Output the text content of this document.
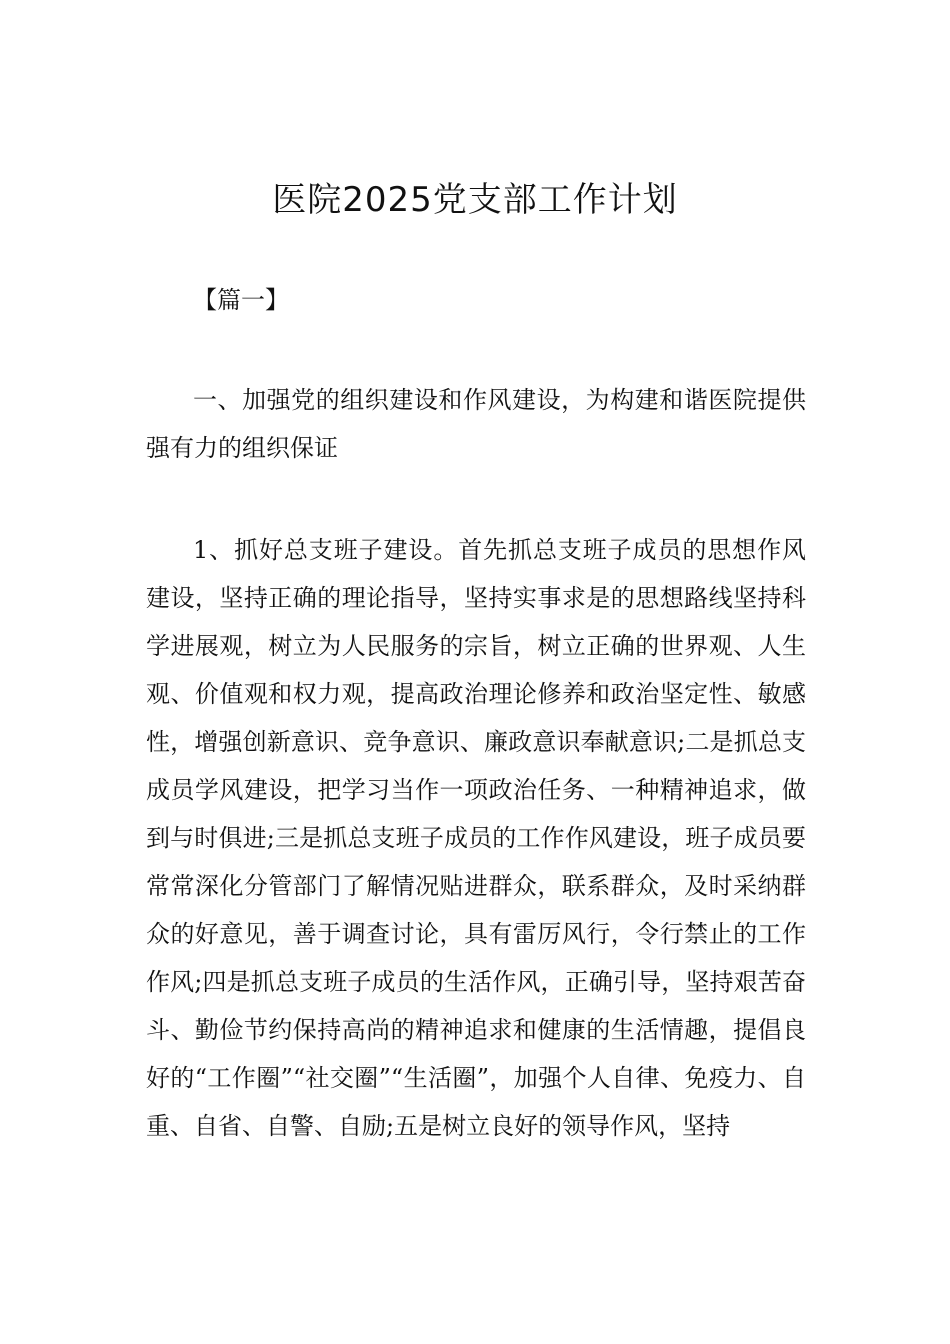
医院2025党支部工作计划
【篇一】

一、加强党的组织建设和作风建设，为构建和谐医院提供强有力的组织保证

1、抓好总支班子建设。首先抓总支班子成员的思想作风建设，坚持正确的理论指导，坚持实事求是的思想路线坚持科学进展观，树立为人民服务的宗旨，树立正确的世界观、人生观、价值观和权力观，提高政治理论修养和政治坚定性、敏感性，增强创新意识、竞争意识、廉政意识奉献意识;二是抓总支成员学风建设，把学习当作一项政治任务、一种精神追求，做到与时俱进;三是抓总支班子成员的工作作风建设，班子成员要常常深化分管部门了解情况贴进群众，联系群众，及时采纳群众的好意见，善于调查讨论，具有雷厉风行，令行禁止的工作作风;四是抓总支班子成员的生活作风，正确引导，坚持艰苦奋斗、勤俭节约保持高尚的精神追求和健康的生活情趣，提倡良好的“工作圈”“社交圈”“生活圈”，加强个人自律、免疫力、自重、自省、自警、自励;五是树立良好的领导作风，坚持
